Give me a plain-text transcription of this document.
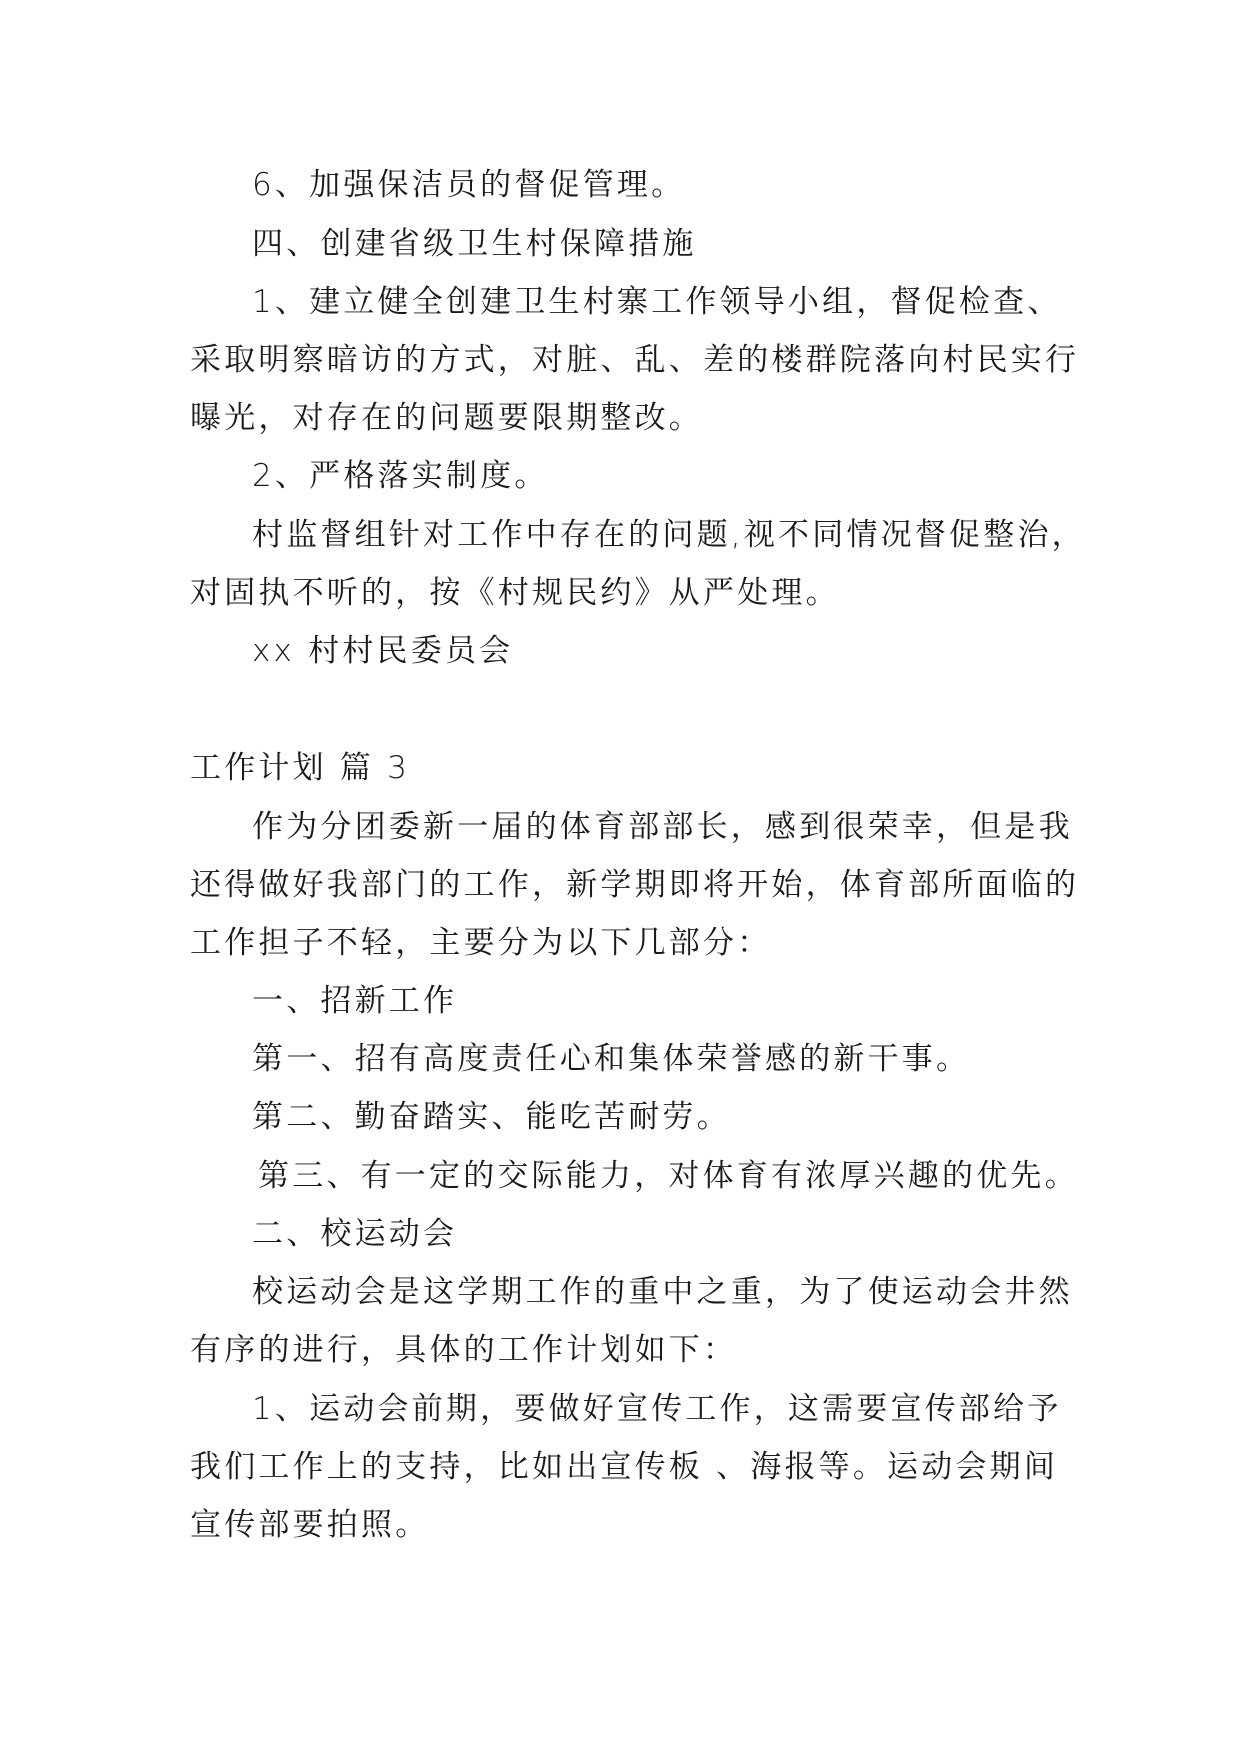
6、加强保洁员的督促管理。
四、创建省级卫生村保障措施
1、建立健全创建卫生村寨工作领导小组，督促检查、
采取明察暗访的方式，对脏、乱、差的楼群院落向村民实行
曝光，对存在的问题要限期整改。
2、严格落实制度。
村监督组针对工作中存在的问题,视不同情况督促整治，
对固执不听的，按《村规民约》从严处理。
xx 村村民委员会
工作计划 篇 3
作为分团委新一届的体育部部长，感到很荣幸，但是我
还得做好我部门的工作，新学期即将开始，体育部所面临的
工作担子不轻，主要分为以下几部分：
一、招新工作
第一、招有高度责任心和集体荣誉感的新干事。
第二、勤奋踏实、能吃苦耐劳。
第三、有一定的交际能力，对体育有浓厚兴趣的优先。
二、校运动会
校运动会是这学期工作的重中之重，为了使运动会井然
有序的进行，具体的工作计划如下：
1、运动会前期，要做好宣传工作，这需要宣传部给予
我们工作上的支持，比如出宣传板 、海报等。运动会期间
宣传部要拍照。
